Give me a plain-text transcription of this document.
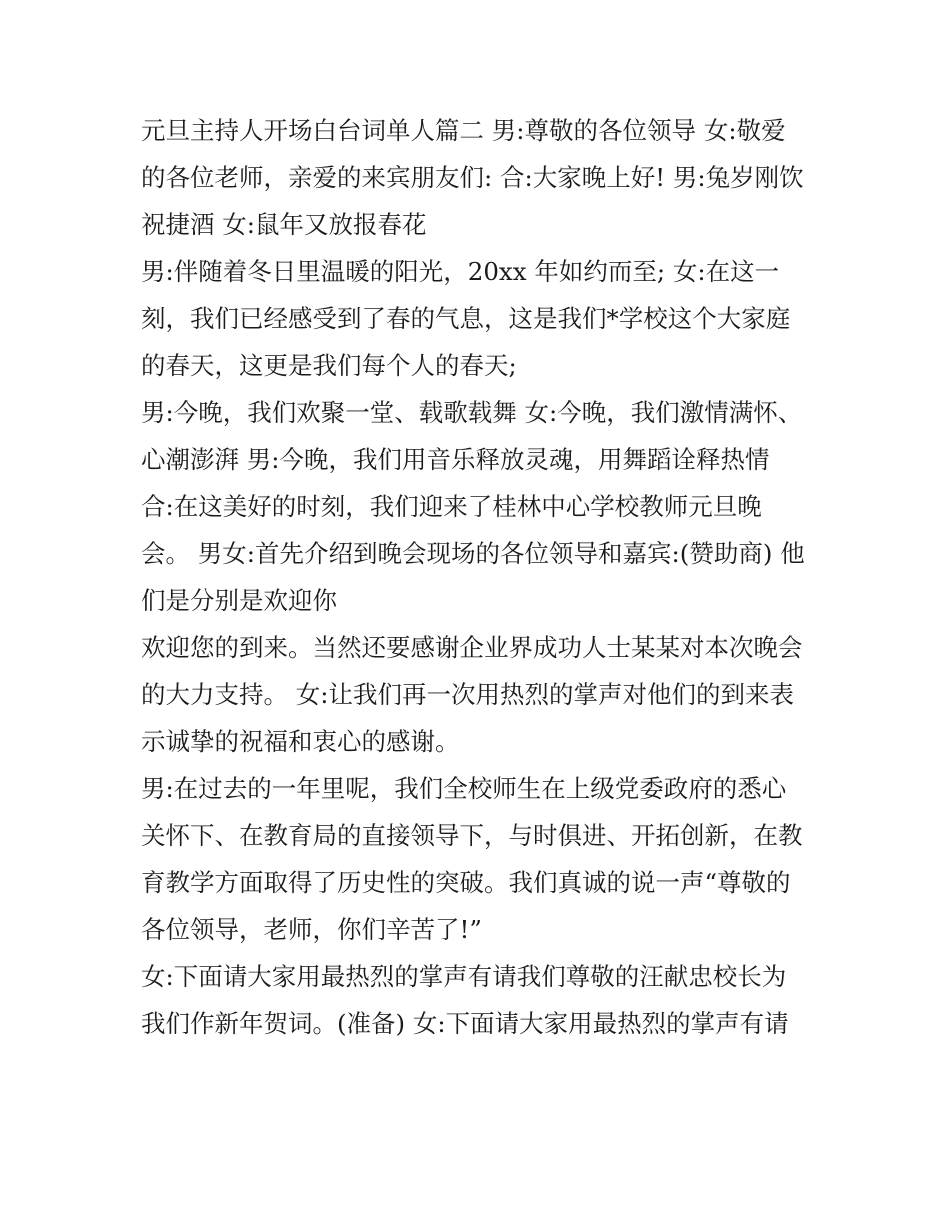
元旦主持人开场白台词单人篇二 男:尊敬的各位领导 女:敬爱
的各位老师，亲爱的来宾朋友们: 合:大家晚上好! 男:兔岁刚饮
祝捷酒 女:鼠年又放报春花
男:伴随着冬日里温暖的阳光，20xx 年如约而至; 女:在这一
刻，我们已经感受到了春的气息，这是我们*学校这个大家庭
的春天，这更是我们每个人的春天;
男:今晚，我们欢聚一堂、载歌载舞 女:今晚，我们激情满怀、
心潮澎湃 男:今晚，我们用音乐释放灵魂，用舞蹈诠释热情
合:在这美好的时刻，我们迎来了桂林中心学校教师元旦晚
会。 男女:首先介绍到晚会现场的各位领导和嘉宾:(赞助商) 他
们是分别是欢迎你
欢迎您的到来。当然还要感谢企业界成功人士某某对本次晚会
的大力支持。 女:让我们再一次用热烈的掌声对他们的到来表
示诚挚的祝福和衷心的感谢。
男:在过去的一年里呢，我们全校师生在上级党委政府的悉心
关怀下、在教育局的直接领导下，与时俱进、开拓创新，在教
育教学方面取得了历史性的突破。我们真诚的说一声“尊敬的
各位领导，老师，你们辛苦了!”
女:下面请大家用最热烈的掌声有请我们尊敬的汪献忠校长为
我们作新年贺词。(准备) 女:下面请大家用最热烈的掌声有请
